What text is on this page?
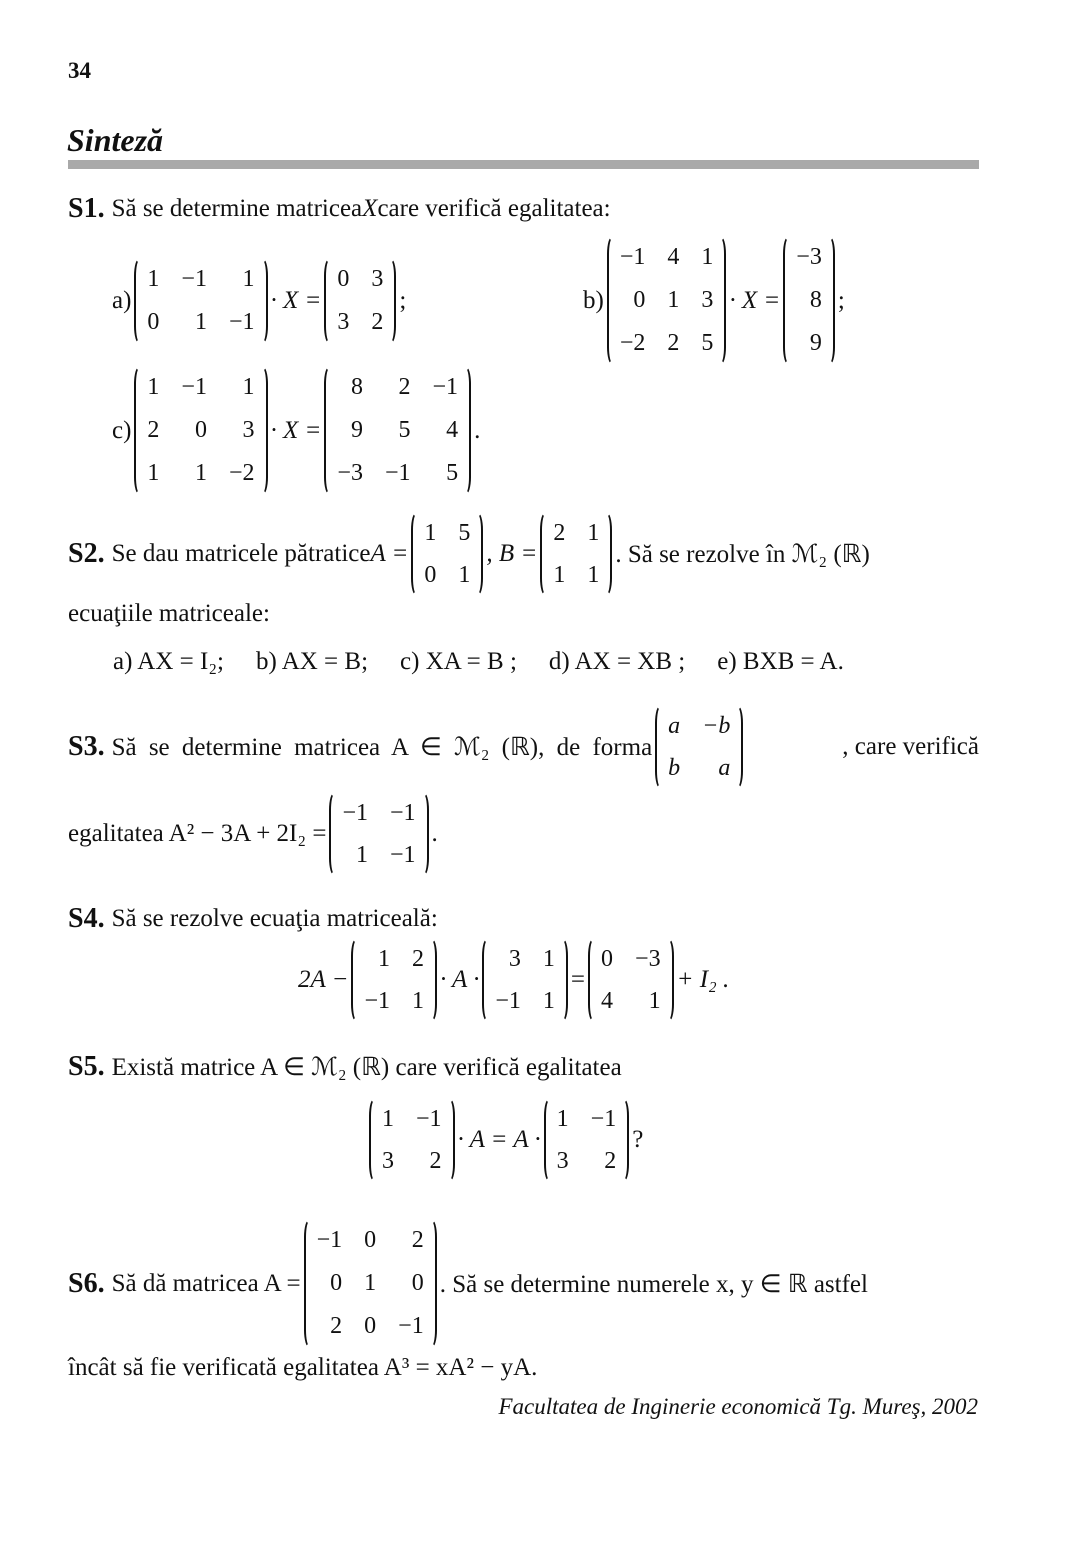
34
Sinteză
S1. Să se determine matricea X care verifică egalitatea:
a)
1 −1	1
0	1 −1
· X =
0 3
3 2
;	b)
−1 4 1
0 1 3
−2 2 5
· X =
−3
8
9
;
c)
1 −1	1
2	0	3
1	1 −2
· X =
8	2 −1
9	5	4
−3 −1	5
.
S2. Se dau matricele pătratice A =
1 5
0 1
, B =
2 1
1 1
. Să se rezolve în ℳ₂ (ℝ)
ecuaţiile matriceale:
a) AX = I₂; b) AX = B; c) XA = B ; d) AX = XB ; e) BXB = A.
S3. Să se determine matricea A ∈ ℳ₂ (ℝ), de forma
a −b
b	a
, care verifică
egalitatea A² − 3A + 2I₂ =
−1 −1
1 −1
.
S4. Să se rezolve ecuaţia matriceală:
2A −
1 2
−1 1
· A ·
3 1
−1 1
=
0 −3
4	1
+ I₂ .
S5. Există matrice A ∈ ℳ₂ (ℝ) care verifică egalitatea
1 −1
3	2
· A = A ·
1 −1
3	2
?
S6. Să dă matricea A =
−1 0	2
0 1	0
2 0 −1
. Să se determine numerele x, y ∈ ℝ astfel
încât să fie verificată egalitatea A³ = xA² − yA.
Facultatea de Inginerie economică Tg. Mureş, 2002
